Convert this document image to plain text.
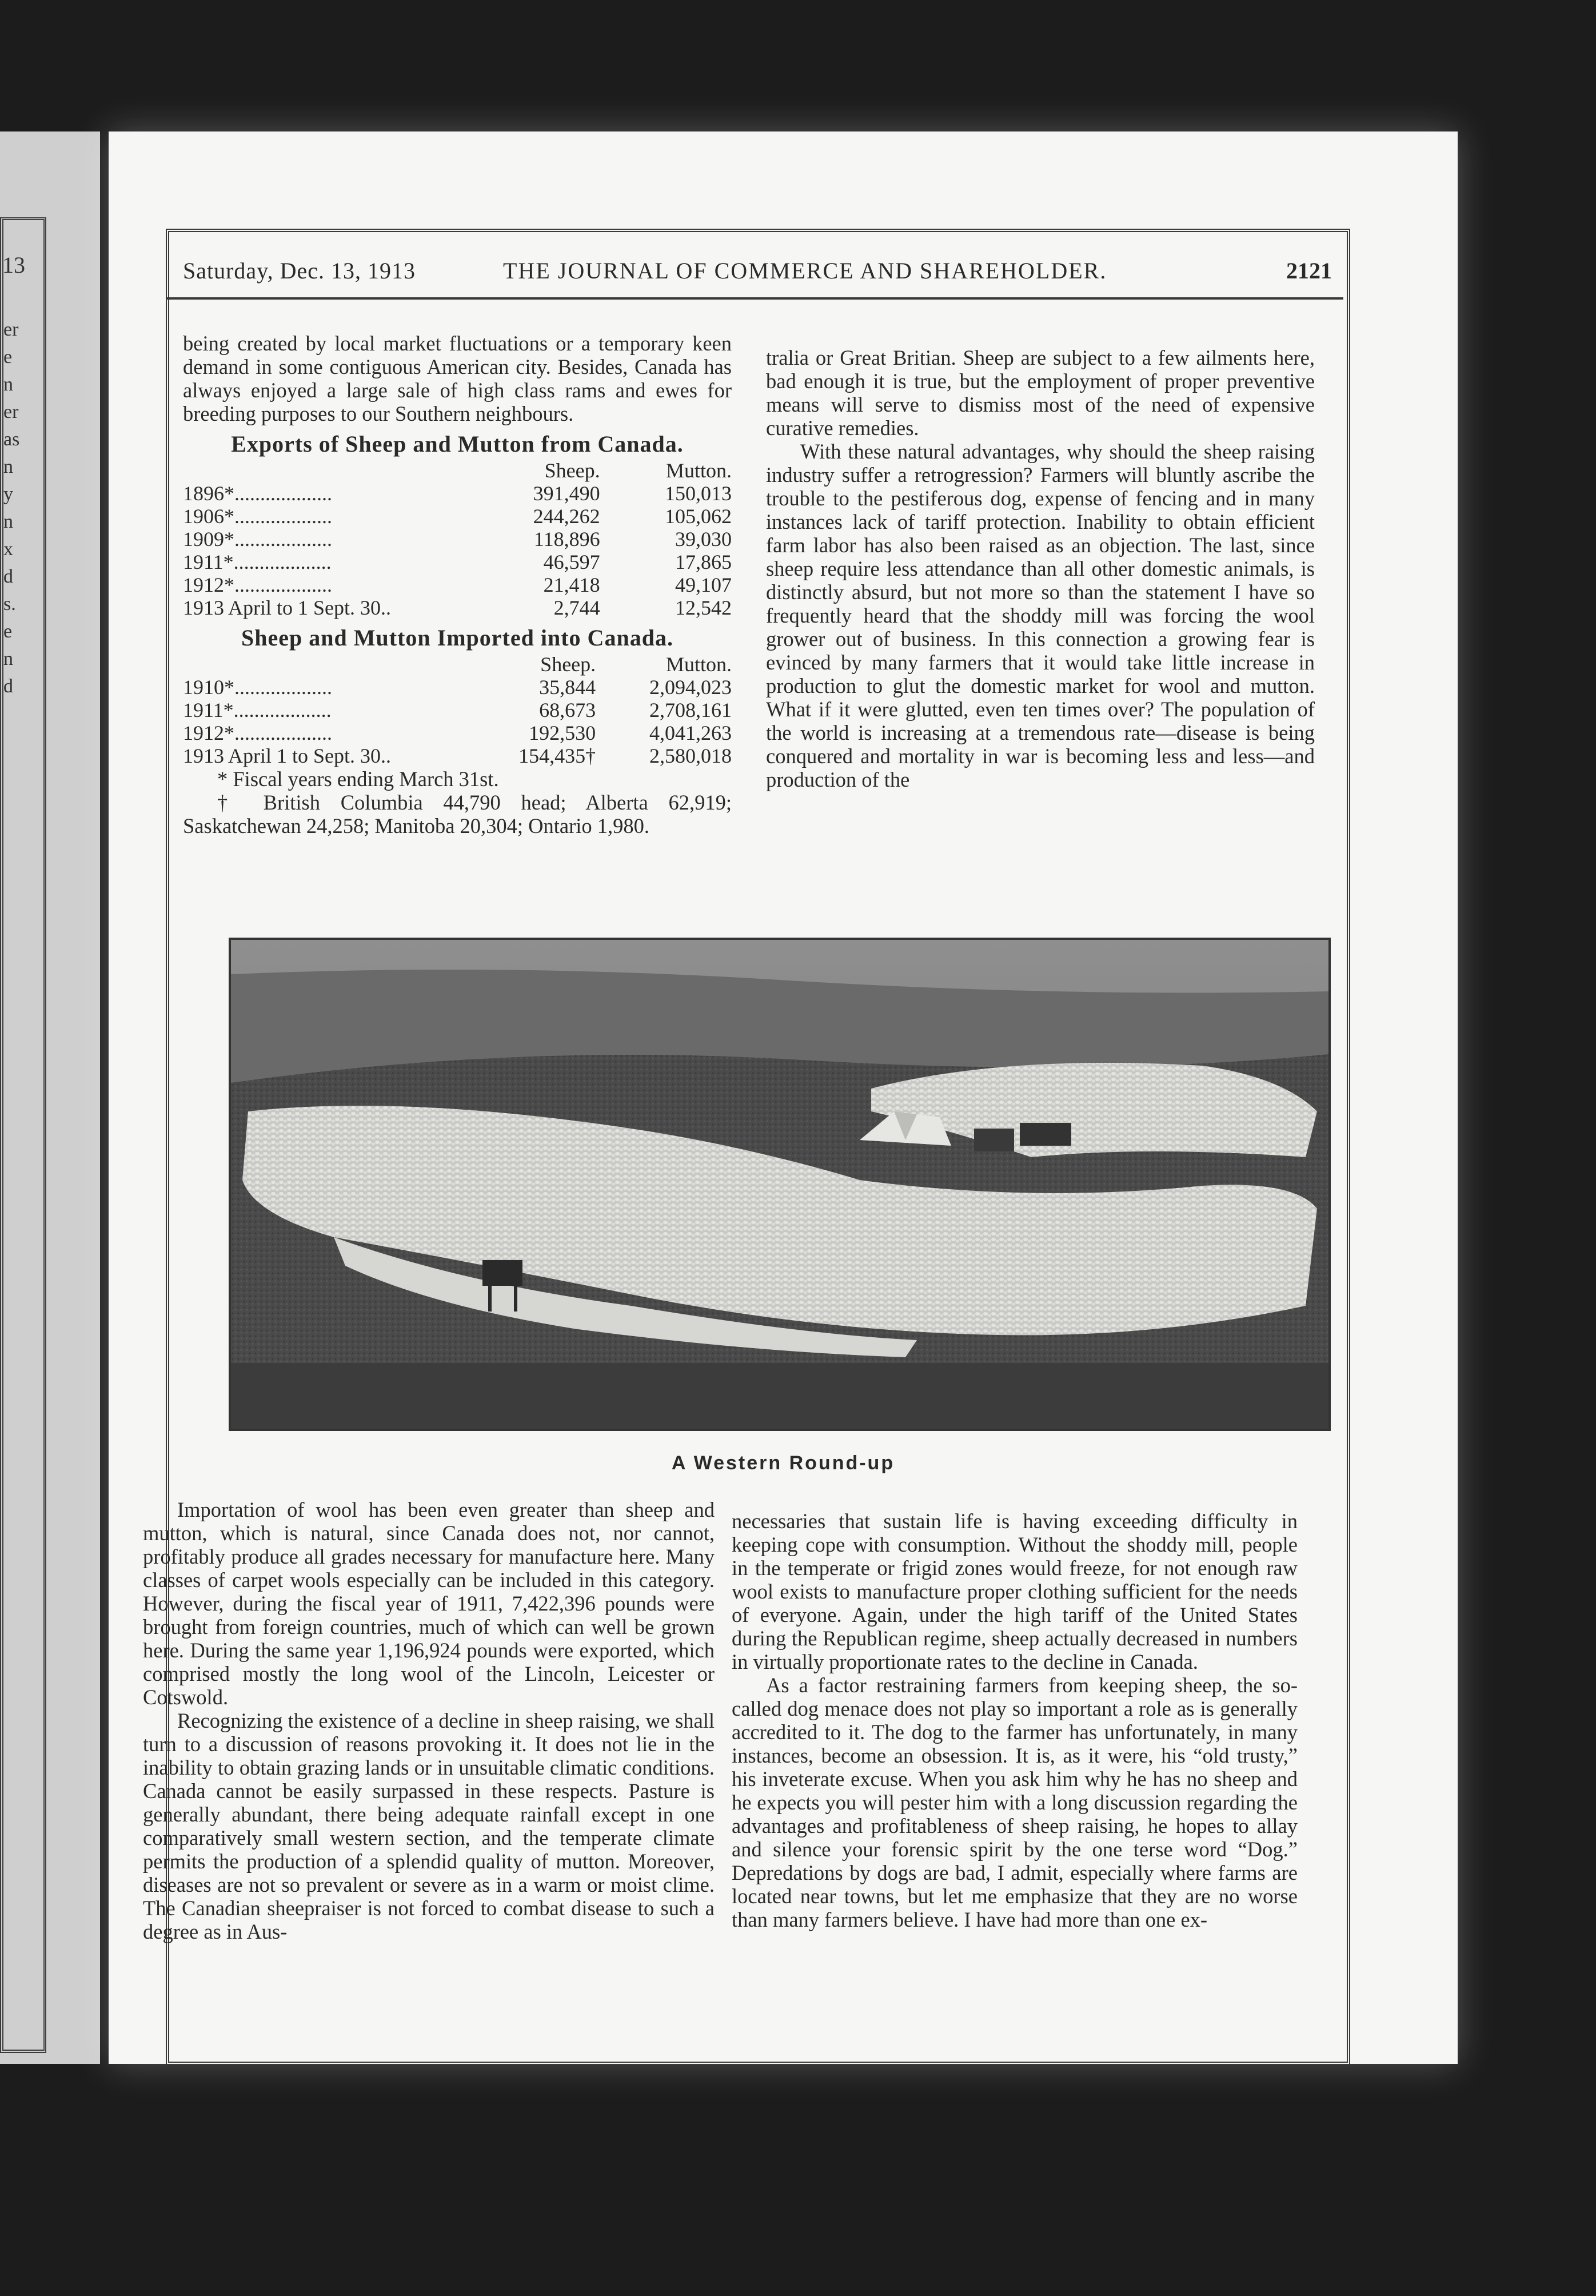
13
er
e
n
er
as
n
y
n
x
d
s.
e
n
d
Saturday, Dec. 13, 1913	THE JOURNAL OF COMMERCE AND SHAREHOLDER.	2121

being created by local market fluctuations or a temporary keen demand in some contiguous American city. Besides, Canada has always enjoyed a large sale of high class rams and ewes for breeding purposes to our Southern neighbours.

Exports of Sheep and Mutton from Canada.
	Sheep.	Mutton.
1896*...................	391,490	150,013
1906*...................	244,262	105,062
1909*...................	118,896	39,030
1911*...................	46,597	17,865
1912*...................	21,418	49,107
1913 April to 1 Sept. 30..	2,744	12,542
Sheep and Mutton Imported into Canada.
	Sheep.	Mutton.
1910*...................	35,844	2,094,023
1911*...................	68,673	2,708,161
1912*...................	192,530	4,041,263
1913 April 1 to Sept. 30..	154,435†	2,580,018

* Fiscal years ending March 31st.

† British Columbia 44,790 head; Alberta 62,919; Saskatchewan 24,258; Manitoba 20,304; Ontario 1,980.

tralia or Great Britian. Sheep are subject to a few ailments here, bad enough it is true, but the employment of proper preventive means will serve to dismiss most of the need of expensive curative remedies.

With these natural advantages, why should the sheep raising industry suffer a retrogression? Farmers will bluntly ascribe the trouble to the pestiferous dog, expense of fencing and in many instances lack of tariff protection. Inability to obtain efficient farm labor has also been raised as an objection. The last, since sheep require less attendance than all other domestic animals, is distinctly absurd, but not more so than the statement I have so frequently heard that the shoddy mill was forcing the wool grower out of business. In this connection a growing fear is evinced by many farmers that it would take little increase in production to glut the domestic market for wool and mutton. What if it were glutted, even ten times over? The population of the world is increasing at a tremendous rate—disease is being conquered and mortality in war is becoming less and less—and production of the

A Western Round-up

Importation of wool has been even greater than sheep and mutton, which is natural, since Canada does not, nor cannot, profitably produce all grades necessary for manufacture here. Many classes of carpet wools especially can be included in this category. However, during the fiscal year of 1911, 7,422,396 pounds were brought from foreign countries, much of which can well be grown here. During the same year 1,196,924 pounds were exported, which comprised mostly the long wool of the Lincoln, Leicester or Cotswold.

Recognizing the existence of a decline in sheep raising, we shall turn to a discussion of reasons provoking it. It does not lie in the inability to obtain grazing lands or in unsuitable climatic conditions. Canada cannot be easily surpassed in these respects. Pasture is generally abundant, there being adequate rainfall except in one comparatively small western section, and the temperate climate permits the production of a splendid quality of mutton. Moreover, diseases are not so prevalent or severe as in a warm or moist clime. The Canadian sheepraiser is not forced to combat disease to such a degree as in Aus-

necessaries that sustain life is having exceeding difficulty in keeping cope with consumption. Without the shoddy mill, people in the temperate or frigid zones would freeze, for not enough raw wool exists to manufacture proper clothing sufficient for the needs of everyone. Again, under the high tariff of the United States during the Republican regime, sheep actually decreased in numbers in virtually proportionate rates to the decline in Canada.

As a factor restraining farmers from keeping sheep, the so-called dog menace does not play so important a role as is generally accredited to it. The dog to the farmer has unfortunately, in many instances, become an obsession. It is, as it were, his “old trusty,” his inveterate excuse. When you ask him why he has no sheep and he expects you will pester him with a long discussion regarding the advantages and profitableness of sheep raising, he hopes to allay and silence your forensic spirit by the one terse word “Dog.” Depredations by dogs are bad, I admit, especially where farms are located near towns, but let me emphasize that they are no worse than many farmers believe. I have had more than one ex-
